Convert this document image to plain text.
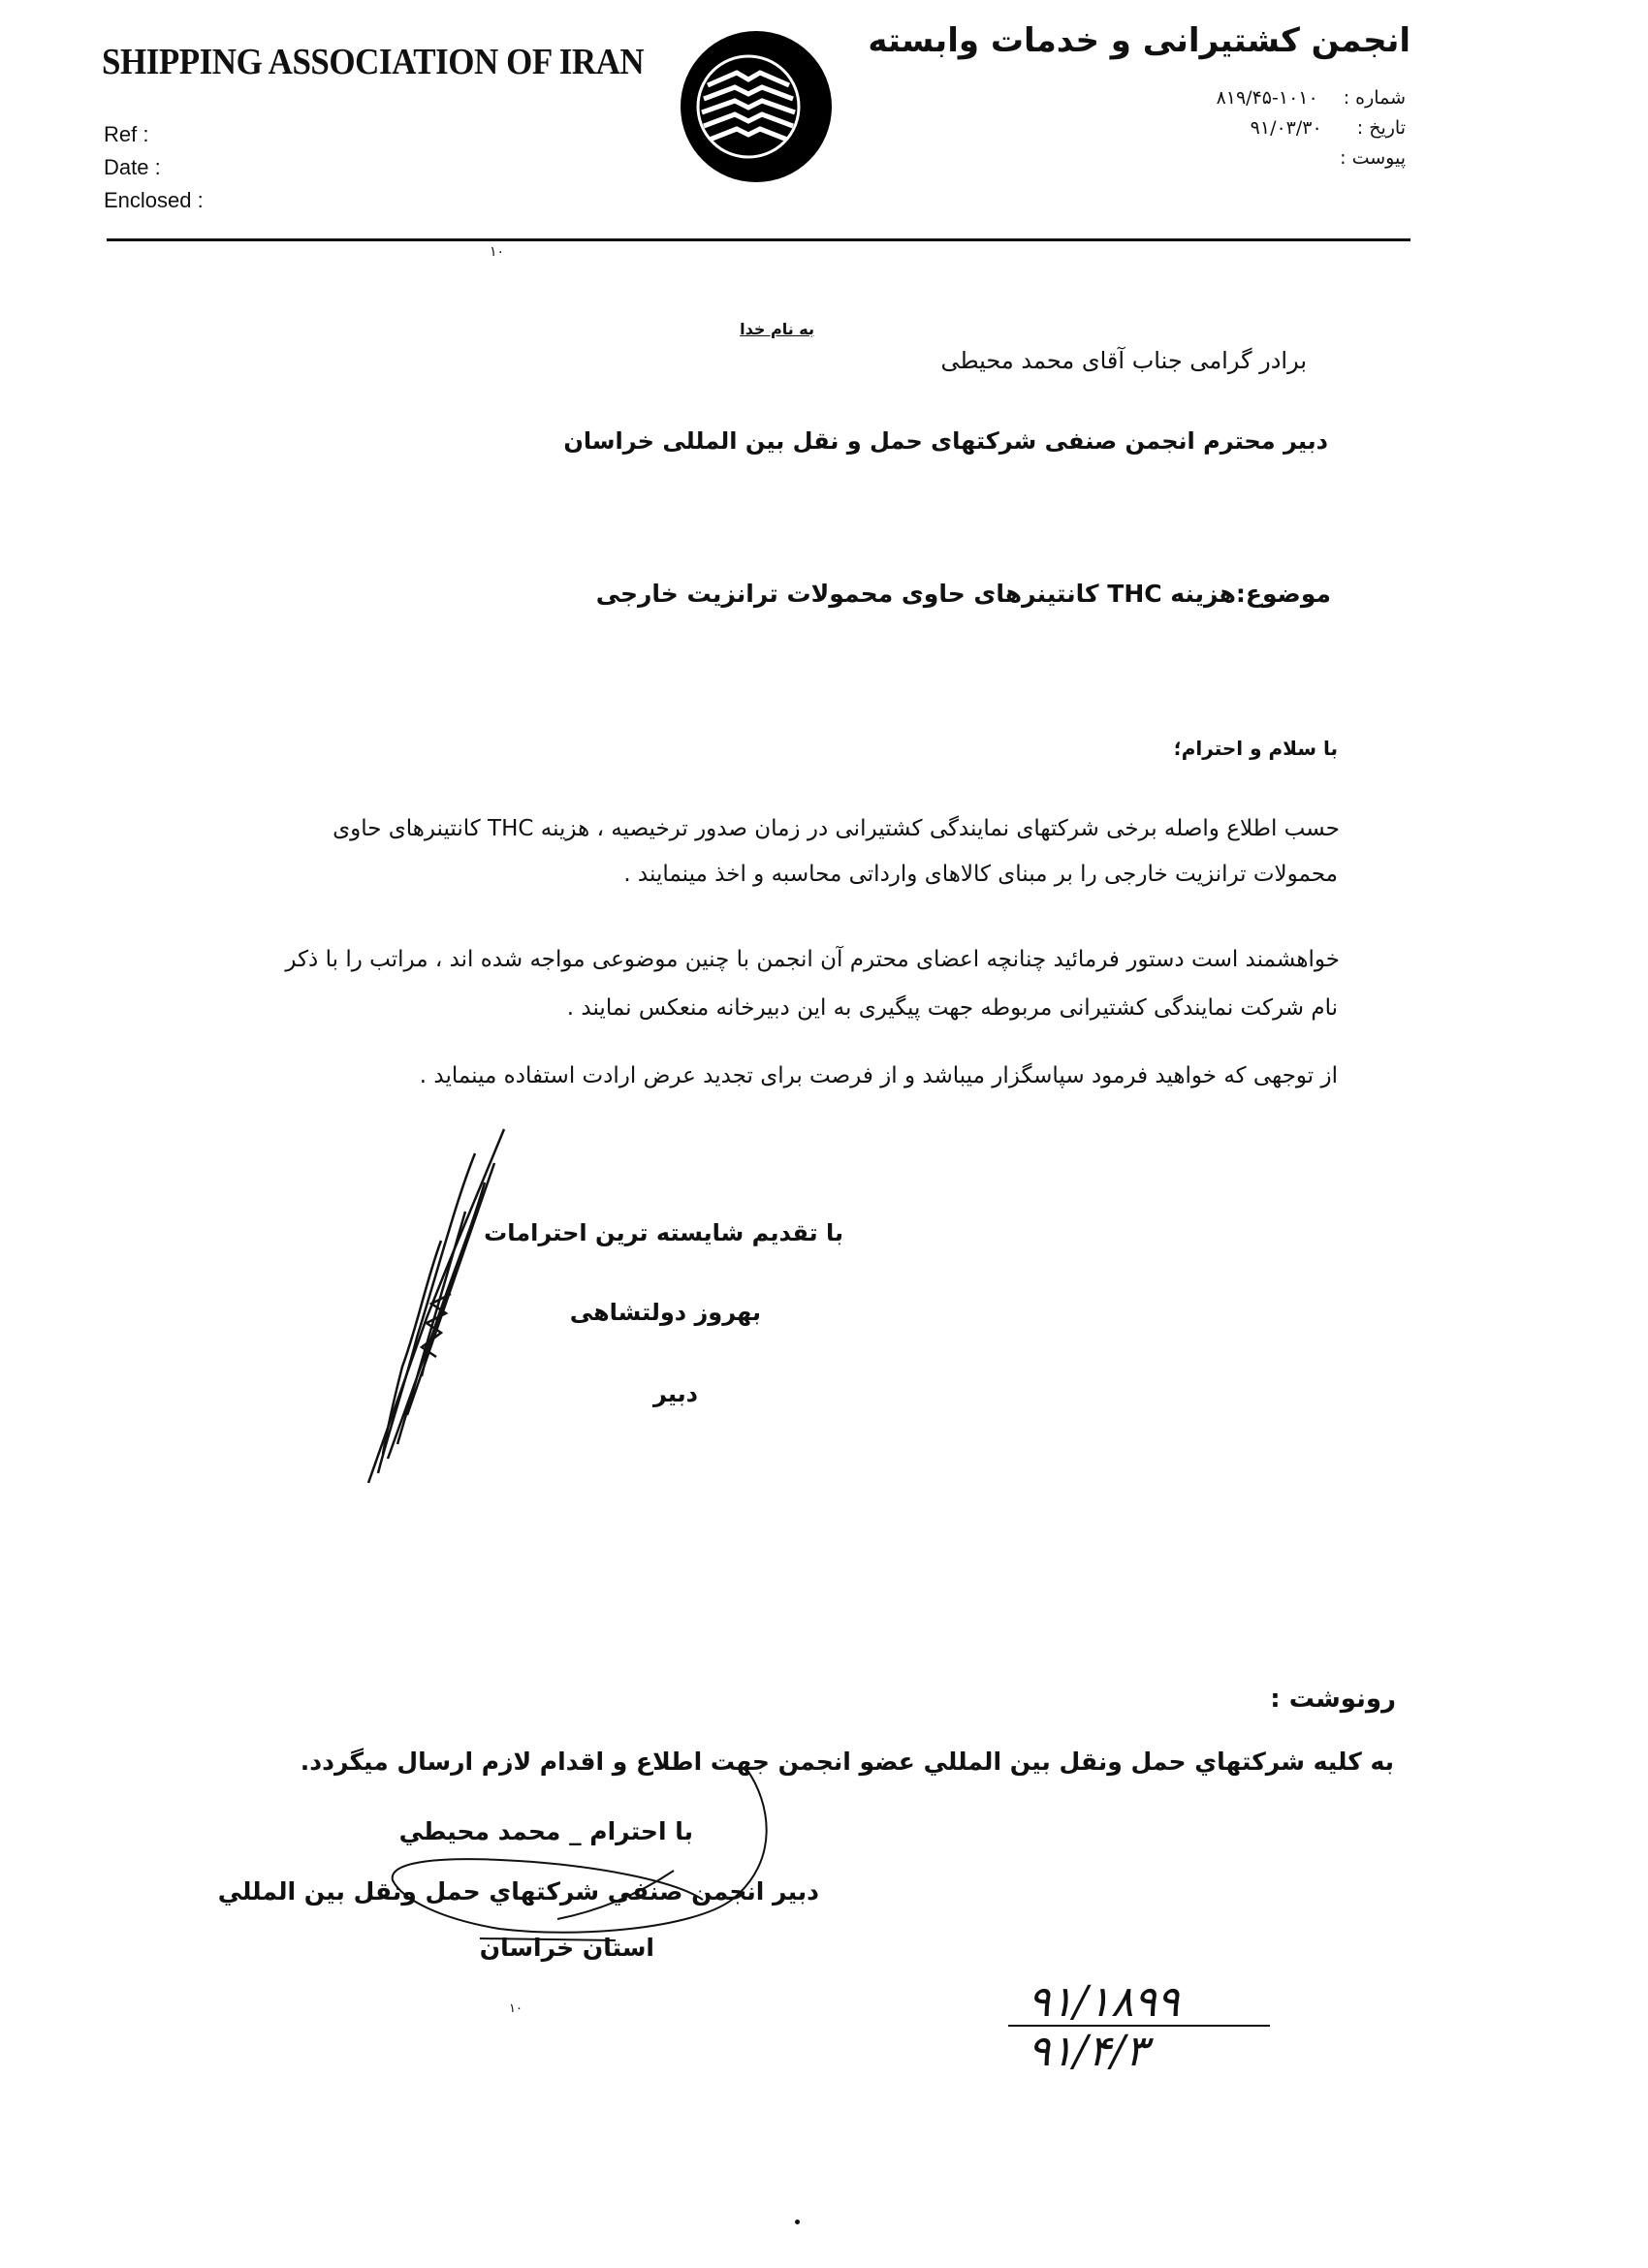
SHIPPING ASSOCIATION OF IRAN
Ref :
Date :
Enclosed :
انجمن کشتیرانی و خدمات وابسته
شماره : ۱۰۱۰-۸۱۹/۴۵
تاریخ : ۹۱/۰۳/۳۰
پیوست :
۱۰
به نام خدا
برادر گرامی جناب آقای محمد محیطی
دبیر محترم انجمن صنفی شرکتهای حمل و نقل بین المللی خراسان
موضوع:هزینه THC کانتینرهای حاوی محمولات ترانزیت خارجی
با سلام و احترام؛
حسب اطلاع واصله برخی شرکتهای نمایندگی کشتیرانی در زمان صدور ترخیصیه ، هزینه THC کانتینرهای حاوی
محمولات ترانزیت خارجی را بر مبنای کالاهای وارداتی محاسبه و اخذ مینمایند .
خواهشمند است دستور فرمائید چنانچه اعضای محترم آن انجمن با چنین موضوعی مواجه شده اند ، مراتب را با ذکر
نام شرکت نمایندگی کشتیرانی مربوطه جهت پیگیری به این دبیرخانه منعکس نمایند .
از توجهی که خواهید فرمود سپاسگزار میباشد و از فرصت برای تجدید عرض ارادت استفاده مینماید .
با تقدیم شایسته ترین احترامات
بهروز دولتشاهی
دبیر
رونوشت :
به کلیه شرکتهاي حمل ونقل بین المللي عضو انجمن جهت اطلاع و اقدام لازم ارسال میگردد.
با احترام _ محمد محیطي
دبیر انجمن صنفي شرکتهاي حمل ونقل بین المللي
استان خراسان
۹۱/۱۸۹۹
۹۱/۴/۳
۱۰
